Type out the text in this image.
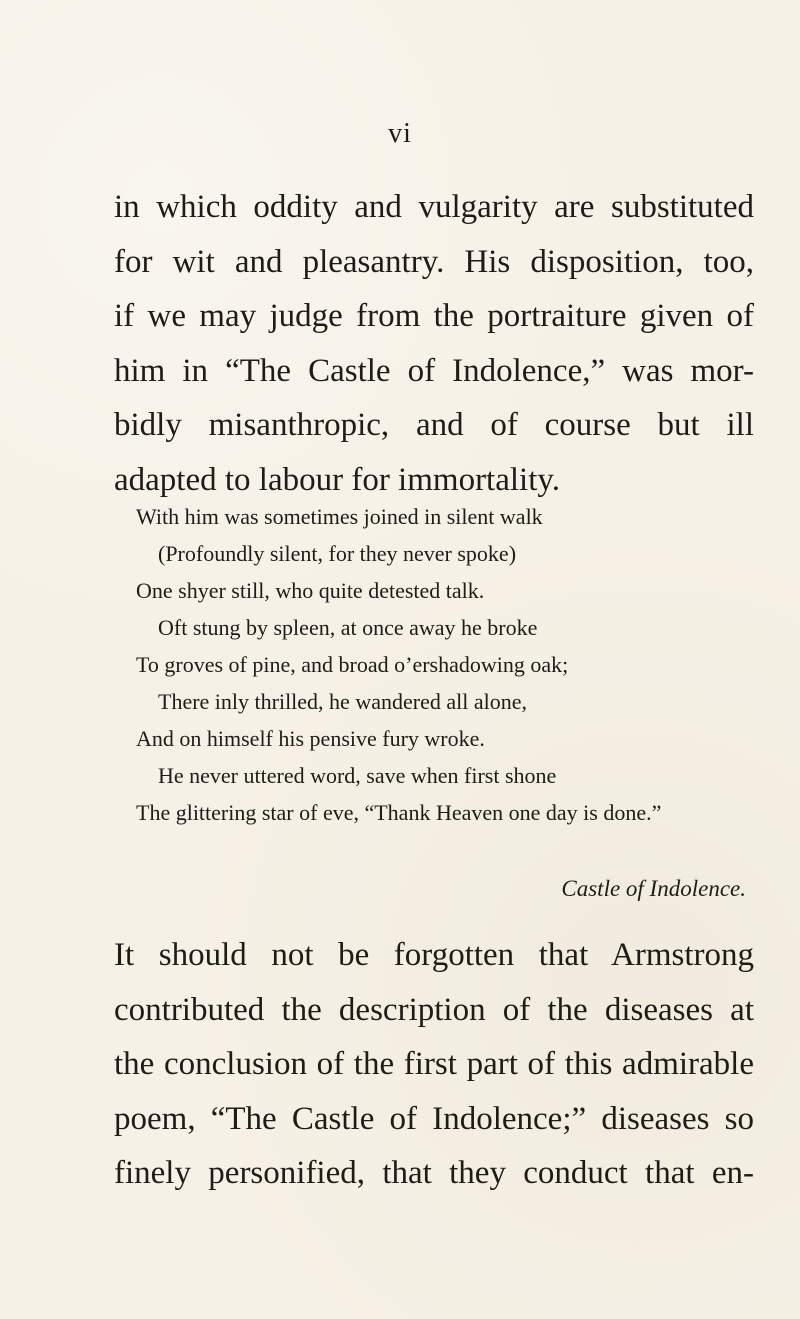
vi
in which oddity and vulgarity are substituted
for wit and pleasantry. His disposition, too,
if we may judge from the portraiture given of
him in “The Castle of Indolence,” was mor-
bidly misanthropic, and of course but ill
adapted to labour for immortality.
With him was sometimes joined in silent walk
(Profoundly silent, for they never spoke)
One shyer still, who quite detested talk.
Oft stung by spleen, at once away he broke
To groves of pine, and broad o’ershadowing oak;
There inly thrilled, he wandered all alone,
And on himself his pensive fury wroke.
He never uttered word, save when first shone
The glittering star of eve, “Thank Heaven one day is done.”
Castle of Indolence.
It should not be forgotten that Armstrong
contributed the description of the diseases at
the conclusion of the first part of this admirable
poem, “The Castle of Indolence;” diseases so
finely personified, that they conduct that en-
